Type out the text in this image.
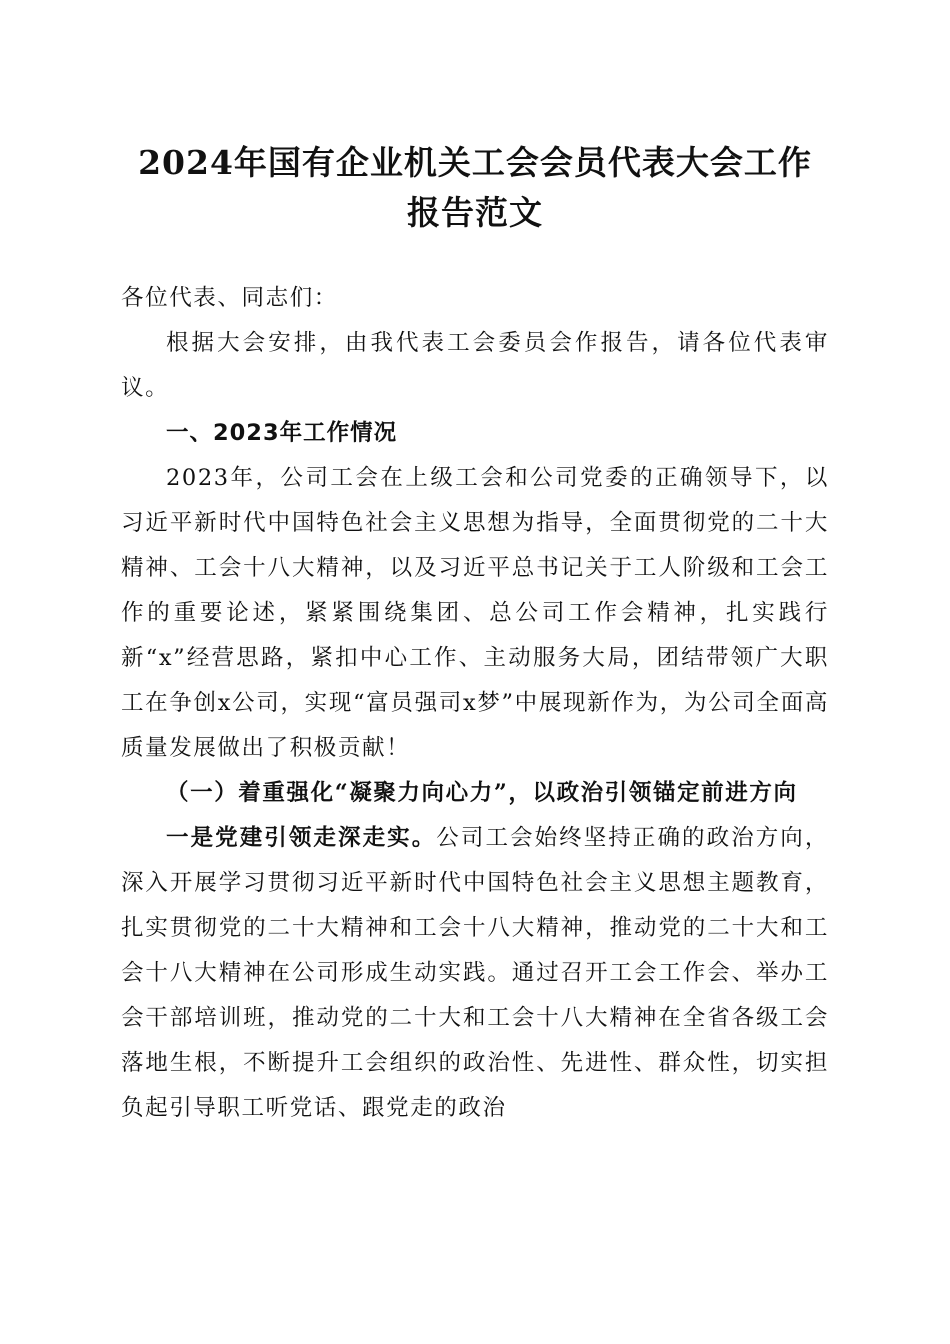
2024年国有企业机关工会会员代表大会工作
报告范文

各位代表、同志们：

根据大会安排，由我代表工会委员会作报告，请各位代表审议。

一、2023年工作情况

2023年，公司工会在上级工会和公司党委的正确领导下，以习近平新时代中国特色社会主义思想为指导，全面贯彻党的二十大精神、工会十八大精神，以及习近平总书记关于工人阶级和工会工作的重要论述，紧紧围绕集团、总公司工作会精神，扎实践行新“x”经营思路，紧扣中心工作、主动服务大局，团结带领广大职工在争创x公司，实现“富员强司x梦”中展现新作为，为公司全面高质量发展做出了积极贡献！

（一）着重强化“凝聚力向心力”，以政治引领锚定前进方向

一是党建引领走深走实。公司工会始终坚持正确的政治方向，深入开展学习贯彻习近平新时代中国特色社会主义思想主题教育，扎实贯彻党的二十大精神和工会十八大精神，推动党的二十大和工会十八大精神在公司形成生动实践。通过召开工会工作会、举办工会干部培训班，推动党的二十大和工会十八大精神在全省各级工会落地生根，不断提升工会组织的政治性、先进性、群众性，切实担负起引导职工听党话、跟党走的政治
